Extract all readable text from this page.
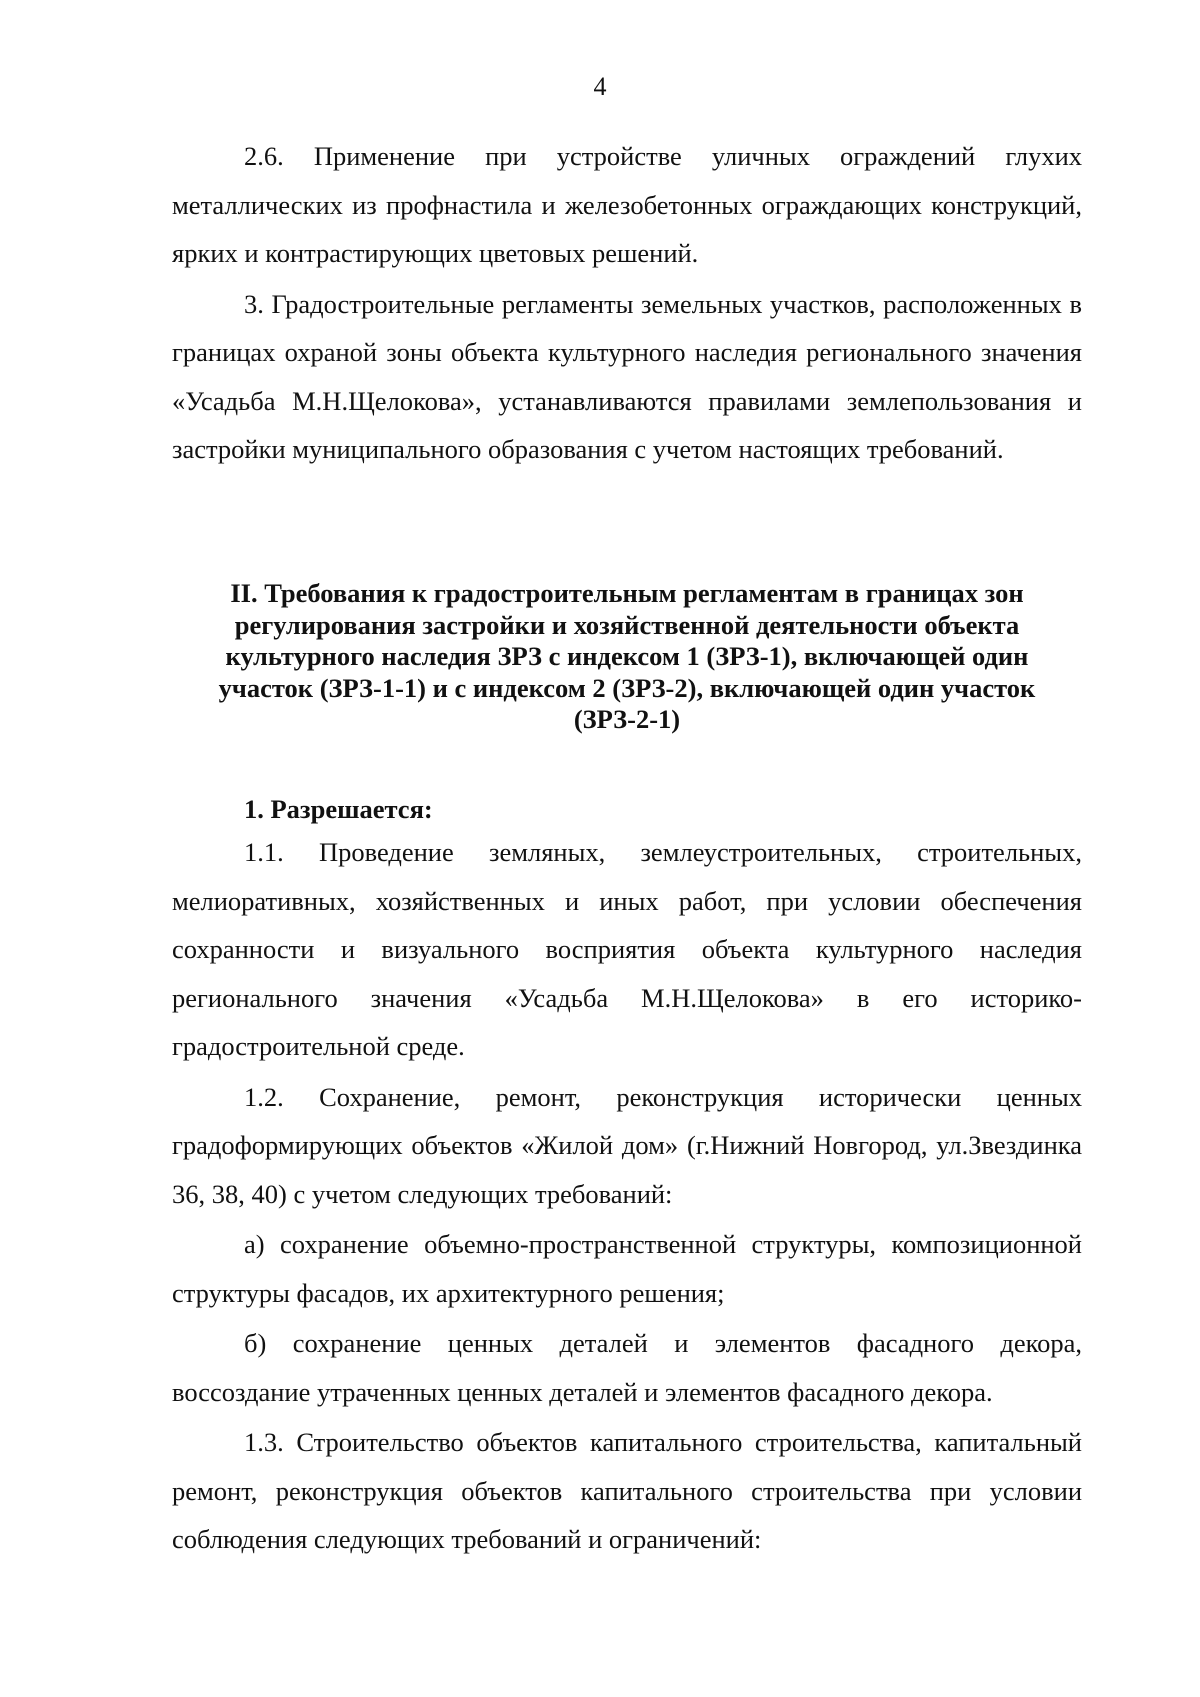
4

2.6. Применение при устройстве уличных ограждений глухих металлических из профнастила и железобетонных ограждающих конструкций, ярких и контрастирующих цветовых решений.

3. Градостроительные регламенты земельных участков, расположенных в границах охраной зоны объекта культурного наследия регионального значения «Усадьба М.Н.Щелокова», устанавливаются правилами землепользования и застройки муниципального образования с учетом настоящих требований.

II. Требования к градостроительным регламентам в границах зон
регулирования застройки и хозяйственной деятельности объекта
культурного наследия ЗРЗ с индексом 1 (ЗРЗ-1), включающей один
участок (ЗРЗ-1-1) и с индексом 2 (ЗРЗ-2), включающей один участок
(ЗРЗ-2-1)
1. Разрешается:

1.1. Проведение земляных, землеустроительных, строительных, мелиоративных, хозяйственных и иных работ, при условии обеспечения сохранности и визуального восприятия объекта культурного наследия регионального значения «Усадьба М.Н.Щелокова» в его историко-градостроительной среде.

1.2. Сохранение, ремонт, реконструкция исторически ценных градоформирующих объектов «Жилой дом» (г.Нижний Новгород, ул.Звездинка 36, 38, 40) с учетом следующих требований:

а) сохранение объемно-пространственной структуры, композиционной структуры фасадов, их архитектурного решения;

б) сохранение ценных деталей и элементов фасадного декора, воссоздание утраченных ценных деталей и элементов фасадного декора.

1.3. Строительство объектов капитального строительства, капитальный ремонт, реконструкция объектов капитального строительства при условии соблюдения следующих требований и ограничений:
